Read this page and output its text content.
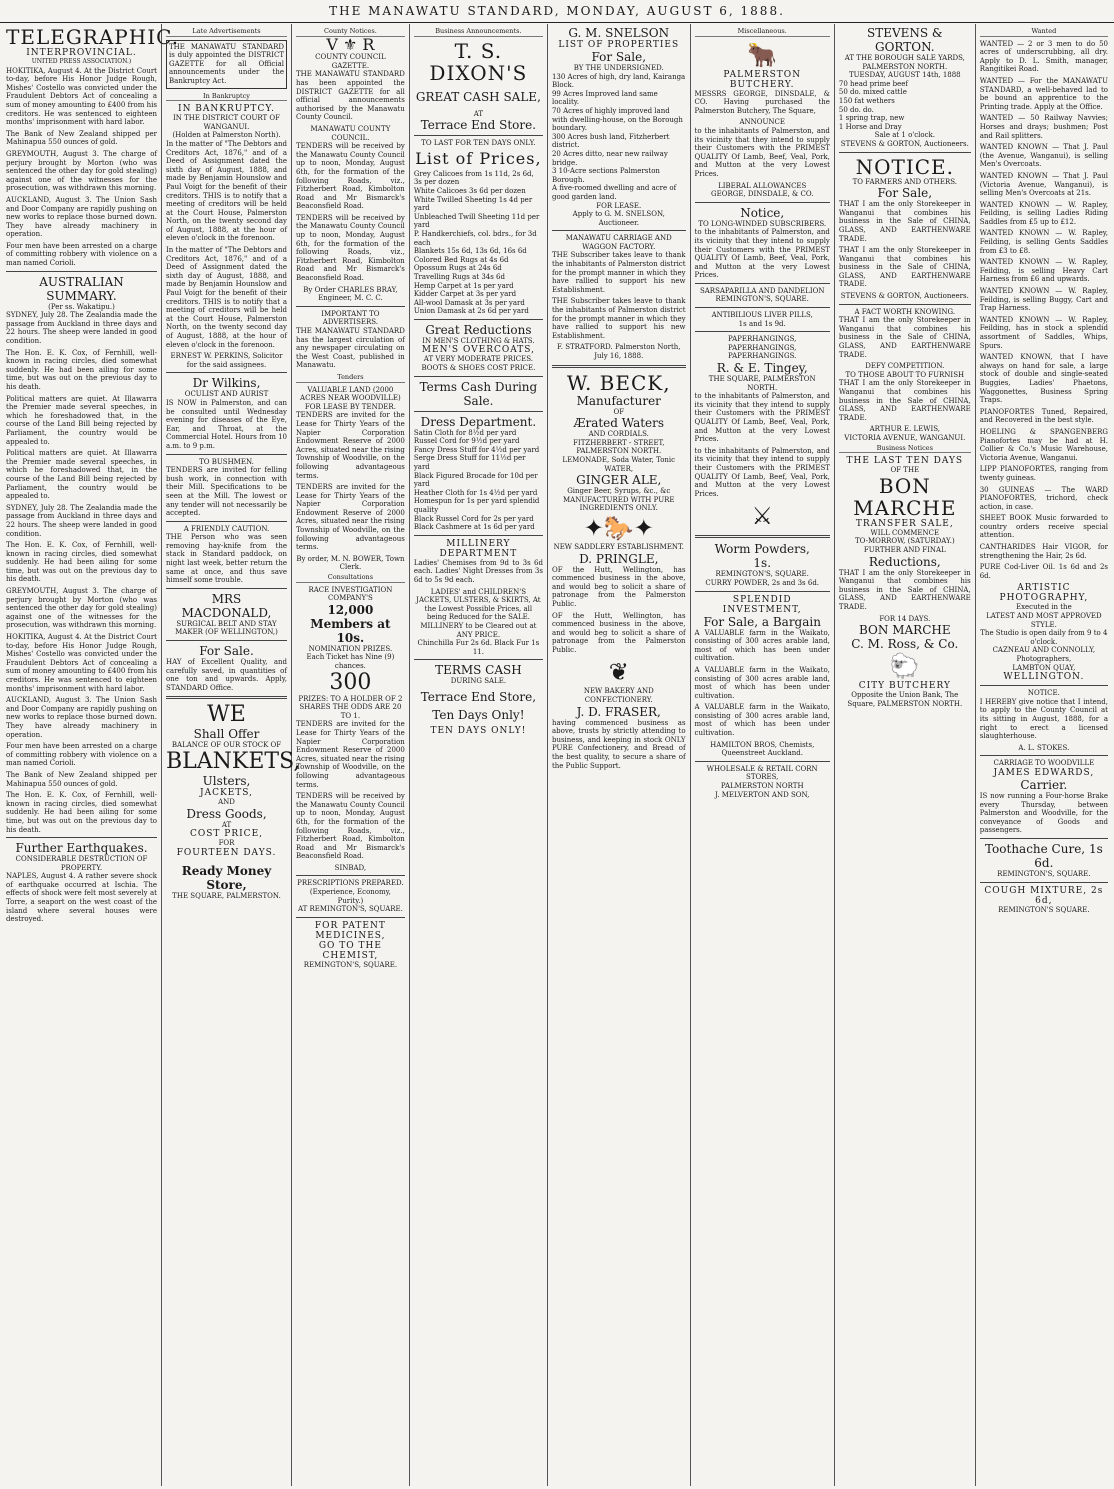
THE MANAWATU STANDARD, MONDAY, AUGUST 6, 1888.
TELEGRAPHIC.
INTERPROVINCIAL.
UNITED PRESS ASSOCIATION.)

HOKITIKA, August 4. At the District Court to-day, before His Honor Judge Rough, Mishes' Costello was convicted under the Fraudulent Debtors Act of concealing a sum of money amounting to £400 from his creditors. He was sentenced to eighteen months' imprisonment with hard labor.

The Bank of New Zealand shipped per Mahinapua 550 ounces of gold.

GREYMOUTH, August 3. The charge of perjury brought by Morton (who was sentenced the other day for gold stealing) against one of the witnesses for the prosecution, was withdrawn this morning.

AUCKLAND, August 3. The Union Sash and Door Company are rapidly pushing on new works to replace those burned down. They have already machinery in operation.

Four men have been arrested on a charge of committing robbery with violence on a man named Corioli.

AUSTRALIAN SUMMARY.
(Per ss. Wakatipu.)

SYDNEY, July 28. The Zealandia made the passage from Auckland in three days and 22 hours. The sheep were landed in good condition.

The Hon. E. K. Cox, of Fernhill, well-known in racing circles, died somewhat suddenly. He had been ailing for some time, but was out on the previous day to his death.

Political matters are quiet. At Illawarra the Premier made several speeches, in which he foreshadowed that, in the course of the Land Bill being rejected by Parliament, the country would be appealed to.

Political matters are quiet. At Illawarra the Premier made several speeches, in which he foreshadowed that, in the course of the Land Bill being rejected by Parliament, the country would be appealed to.

SYDNEY, July 28. The Zealandia made the passage from Auckland in three days and 22 hours. The sheep were landed in good condition.

The Hon. E. K. Cox, of Fernhill, well-known in racing circles, died somewhat suddenly. He had been ailing for some time, but was out on the previous day to his death.

GREYMOUTH, August 3. The charge of perjury brought by Morton (who was sentenced the other day for gold stealing) against one of the witnesses for the prosecution, was withdrawn this morning.

HOKITIKA, August 4. At the District Court to-day, before His Honor Judge Rough, Mishes' Costello was convicted under the Fraudulent Debtors Act of concealing a sum of money amounting to £400 from his creditors. He was sentenced to eighteen months' imprisonment with hard labor.

AUCKLAND, August 3. The Union Sash and Door Company are rapidly pushing on new works to replace those burned down. They have already machinery in operation.

Four men have been arrested on a charge of committing robbery with violence on a man named Corioli.

The Bank of New Zealand shipped per Mahinapua 550 ounces of gold.

The Hon. E. K. Cox, of Fernhill, well-known in racing circles, died somewhat suddenly. He had been ailing for some time, but was out on the previous day to his death.

Further Earthquakes.
CONSIDERABLE DESTRUCTION OF PROPERTY.

NAPLES, August 4. A rather severe shock of earthquake occurred at Ischia. The effects of shock were felt most severely at Torre, a seaport on the west coast of the island where several houses were destroyed.

Late Advertisements

THE MANAWATU STANDARD is duly appointed the DISTRICT GAZETTE for all Official announcements under the Bankruptcy Act.

In Bankruptcy
IN BANKRUPTCY.
IN THE DISTRICT COURT OF WANGANUI.
(Holden at Palmerston North).

In the matter of "The Debtors and Creditors Act, 1876," and of a Deed of Assignment dated the sixth day of August, 1888, and made by Benjamin Hounslow and Paul Voigt for the benefit of their creditors. THIS is to notify that a meeting of creditors will be held at the Court House, Palmerston North, on the twenty second day of August, 1888, at the hour of eleven o'clock in the forenoon.

In the matter of "The Debtors and Creditors Act, 1876," and of a Deed of Assignment dated the sixth day of August, 1888, and made by Benjamin Hounslow and Paul Voigt for the benefit of their creditors. THIS is to notify that a meeting of creditors will be held at the Court House, Palmerston North, on the twenty second day of August, 1888, at the hour of eleven o'clock in the forenoon.

ERNEST W. PERKINS, Solicitor for the said assignees.
Dr Wilkins,
OCULIST AND AURIST

IS NOW in Palmerston, and can be consulted until Wednesday evening for diseases of the Eye, Ear, and Throat, at the Commercial Hotel. Hours from 10 a.m. to 9 p.m.

TO BUSHMEN.

TENDERS are invited for felling bush work, in connection with their Mill. Specifications to be seen at the Mill. The lowest or any tender will not necessarily be accepted.

A FRIENDLY CAUTION.

THE Person who was seen removing hay-knife from the stack in Standard paddock, on night last week, better return the same at once, and thus save himself some trouble.

MRS MACDONALD,
SURGICAL BELT AND STAY MAKER (OF WELLINGTON,)
For Sale.

HAY of Excellent Quality, and carefully saved, in quantities of one ton and upwards. Apply, STANDARD Office.

WE
Shall Offer
BALANCE OF OUR STOCK OF
BLANKETS,
Ulsters,
JACKETS,
AND
Dress Goods,
AT
COST PRICE,
FOR
FOURTEEN DAYS.
Ready Money Store,
THE SQUARE, PALMERSTON.
County Notices.
V ⚜ R
COUNTY COUNCIL GAZETTE.

THE MANAWATU STANDARD has been appointed the DISTRICT GAZETTE for all official announcements authorised by the Manawatu County Council.

MANAWATU COUNTY COUNCIL.

TENDERS will be received by the Manawatu County Council up to noon, Monday, August 6th, for the formation of the following Roads, viz., Fitzherbert Road, Kimbolton Road and Mr Bismarck's Beaconsfield Road.

TENDERS will be received by the Manawatu County Council up to noon, Monday, August 6th, for the formation of the following Roads, viz., Fitzherbert Road, Kimbolton Road and Mr Bismarck's Beaconsfield Road.

By Order CHARLES BRAY, Engineer, M. C. C.
IMPORTANT TO ADVERTISERS.

THE MANAWATU STANDARD has the largest circulation of any newspaper circulating on the West Coast, published in Manawatu.

Tenders
VALUABLE LAND (2000 ACRES NEAR WOODVILLE) FOR LEASE BY TENDER.

TENDERS are invited for the Lease for Thirty Years of the Napier Corporation Endowment Reserve of 2000 Acres, situated near the rising Township of Woodville, on the following advantageous terms.

TENDERS are invited for the Lease for Thirty Years of the Napier Corporation Endowment Reserve of 2000 Acres, situated near the rising Township of Woodville, on the following advantageous terms.

By order, M. N. BOWER, Town Clerk.
Consultations
RACE INVESTIGATION COMPANY'S
12,000 Members at 10s.
NOMINATION PRIZES.
Each Ticket has Nine (9) chances.
300
PRIZES: TO A HOLDER OF 2 SHARES THE ODDS ARE 20 TO 1.

TENDERS are invited for the Lease for Thirty Years of the Napier Corporation Endowment Reserve of 2000 Acres, situated near the rising Township of Woodville, on the following advantageous terms.

TENDERS will be received by the Manawatu County Council up to noon, Monday, August 6th, for the formation of the following Roads, viz., Fitzherbert Road, Kimbolton Road and Mr Bismarck's Beaconsfield Road.

SINBAD,
PRESCRIPTIONS PREPARED. (Experience, Economy, Purity.)
AT REMINGTON'S, SQUARE.
FOR PATENT MEDICINES,
GO TO THE CHEMIST,
REMINGTON'S, SQUARE.
Business Announcements.
T. S. DIXON'S
GREAT CASH SALE,
AT
Terrace End Store.
TO LAST FOR TEN DAYS ONLY.
List of Prices,
Grey Calicoes from 1s 11d, 2s 6d, 3s per dozen
White Calicoes 3s 6d per dozen
White Twilled Sheeting 1s 4d per yard
Unbleached Twill Sheeting 11d per yard
P. Handkerchiefs, col. bdrs., for 3d each
Blankets 15s 6d, 13s 6d, 16s 6d
Colored Bed Rugs at 4s 6d
Opossum Rugs at 24s 6d
Travelling Rugs at 34s 6d
Hemp Carpet at 1s per yard
Kidder Carpet at 3s per yard
All-wool Damask at 3s per yard
Union Damask at 2s 6d per yard
Great Reductions
IN MEN'S CLOTHING & HATS.
MEN'S OVERCOATS,
AT VERY MODERATE PRICES.
BOOTS & SHOES COST PRICE.
Terms Cash During Sale.
Dress Department.
Satin Cloth for 8½d per yard
Russel Cord for 9½d per yard
Fancy Dress Stuff for 4½d per yard
Serge Dress Stuff for 11½d per yard
Black Figured Brocade for 10d per yard
Heather Cloth for 1s 4½d per yard
Homespun for 1s per yard splendid quality
Black Russel Cord for 2s per yard
Black Cashmere at 1s 6d per yard
MILLINERY DEPARTMENT

Ladies' Chemises from 9d to 3s 6d each. Ladies' Night Dresses from 3s 6d to 5s 9d each.

LADIES' and CHILDREN'S JACKETS, ULSTERS, & SKIRTS, At the Lowest Possible Prices, all being Reduced for the SALE.
MILLINERY to be Cleared out at ANY PRICE.
Chinchilla Fur 2s 6d. Black Fur 1s 11.
TERMS CASH
DURING SALE.
Terrace End Store,
Ten Days Only!
TEN DAYS ONLY!
G. M. SNELSON
LIST OF PROPERTIES
For Sale,
BY THE UNDERSIGNED.
130 Acres of high, dry land, Kairanga Block.
99 Acres Improved land same locality.
70 Acres of highly improved land with dwelling-house, on the Borough boundary.
300 Acres bush land, Fitzherbert district.
20 Acres ditto, near new railway bridge.
3 10-Acre sections Palmerston Borough.
A five-roomed dwelling and acre of good garden land.
FOR LEASE.
Apply to G. M. SNELSON, Auctioneer.
MANAWATU CARRIAGE AND WAGGON FACTORY.

THE Subscriber takes leave to thank the inhabitants of Palmerston district for the prompt manner in which they have rallied to support his new Establishment.

THE Subscriber takes leave to thank the inhabitants of Palmerston district for the prompt manner in which they have rallied to support his new Establishment.

F. STRATFORD. Palmerston North, July 16, 1888.
W. BECK,
Manufacturer
OF
Ærated Waters
AND CORDIALS.
FITZHERBERT - STREET,
PALMERSTON NORTH.
LEMONADE, Soda Water, Tonic WATER,
GINGER ALE,
Ginger Beer, Syrups, &c., &c
MANUFACTURED WITH PURE INGREDIENTS ONLY.
✦🐎✦
NEW SADDLERY ESTABLISHMENT.
D. PRINGLE,

OF the Hutt, Wellington, has commenced business in the above, and would beg to solicit a share of patronage from the Palmerston Public.

OF the Hutt, Wellington, has commenced business in the above, and would beg to solicit a share of patronage from the Palmerston Public.

❦
NEW BAKERY AND CONFECTIONERY.
J. D. FRASER,

having commenced business as above, trusts by strictly attending to business, and keeping in stock ONLY PURE Confectionery, and Bread of the best quality, to secure a share of the Public Support.

Miscellaneous.
🐂
PALMERSTON BUTCHERY.

MESSRS GEORGE, DINSDALE, & CO. Having purchased the Palmerston Butchery, The Square,

ANNOUNCE

to the inhabitants of Palmerston, and its vicinity that they intend to supply their Customers with the PRIMEST QUALITY Of Lamb, Beef, Veal, Pork, and Mutton at the very Lowest Prices.

LIBERAL ALLOWANCES
GEORGE, DINSDALE, & CO.
Notice,
TO LONG-WINDED SUBSCRIBERS.

to the inhabitants of Palmerston, and its vicinity that they intend to supply their Customers with the PRIMEST QUALITY Of Lamb, Beef, Veal, Pork, and Mutton at the very Lowest Prices.

SARSAPARILLA AND DANDELION
REMINGTON'S, SQUARE.
ANTIBILIOUS LIVER PILLS,
1s and 1s 9d.
PAPERHANGINGS, PAPERHANGINGS, PAPERHANGINGS.
R. & E. Tingey,
THE SQUARE, PALMERSTON NORTH.

to the inhabitants of Palmerston, and its vicinity that they intend to supply their Customers with the PRIMEST QUALITY Of Lamb, Beef, Veal, Pork, and Mutton at the very Lowest Prices.

to the inhabitants of Palmerston, and its vicinity that they intend to supply their Customers with the PRIMEST QUALITY Of Lamb, Beef, Veal, Pork, and Mutton at the very Lowest Prices.

⚔
Worm Powders,
1s.
REMINGTON'S, SQUARE.
CURRY POWDER, 2s and 3s 6d.
SPLENDID INVESTMENT,
For Sale, a Bargain

A VALUABLE farm in the Waikato, consisting of 300 acres arable land, most of which has been under cultivation.

A VALUABLE farm in the Waikato, consisting of 300 acres arable land, most of which has been under cultivation.

A VALUABLE farm in the Waikato, consisting of 300 acres arable land, most of which has been under cultivation.

HAMILTON BROS, Chemists, Queenstreet Auckland.
WHOLESALE & RETAIL CORN STORES,
PALMERSTON NORTH
J. MELVERTON AND SON,
STEVENS & GORTON.
AT THE BOROUGH SALE YARDS, PALMERSTON NORTH.
TUESDAY, AUGUST 14th, 1888
70 head prime beef
50 do. mixed cattle
150 fat wethers
50 do. do.
1 spring trap, new
1 Horse and Dray
Sale at 1 o'clock.
STEVENS & GORTON, Auctioneers.
NOTICE.
TO FARMERS AND OTHERS.
For Sale,

THAT I am the only Storekeeper in Wanganui that combines his business in the Sale of CHINA, GLASS, AND EARTHENWARE TRADE.

THAT I am the only Storekeeper in Wanganui that combines his business in the Sale of CHINA, GLASS, AND EARTHENWARE TRADE.

STEVENS & GORTON, Auctioneers.
A FACT WORTH KNOWING.

THAT I am the only Storekeeper in Wanganui that combines his business in the Sale of CHINA, GLASS, AND EARTHENWARE TRADE.

DEFY COMPETITION.
TO THOSE ABOUT TO FURNISH

THAT I am the only Storekeeper in Wanganui that combines his business in the Sale of CHINA, GLASS, AND EARTHENWARE TRADE.

ARTHUR E. LEWIS,
VICTORIA AVENUE, WANGANUI.
Business Notices
THE LAST TEN DAYS
OF THE
BON MARCHE
TRANSFER SALE,
WILL COMMENCE
TO-MORROW, (SATURDAY.)
FURTHER AND FINAL
Reductions,

THAT I am the only Storekeeper in Wanganui that combines his business in the Sale of CHINA, GLASS, AND EARTHENWARE TRADE.

FOR 14 DAYS.
BON MARCHE
C. M. Ross, & Co.
🐑
CITY BUTCHERY
Opposite the Union Bank, The Square, PALMERSTON NORTH.
Wanted

WANTED — 2 or 3 men to do 50 acres of underscrubbing, all dry. Apply to D. L. Smith, manager, Rangitikei Road.

WANTED — For the MANAWATU STANDARD, a well-behaved lad to be bound an apprentice to the Printing trade. Apply at the Office.

WANTED — 50 Railway Navvies; Horses and drays; bushmen; Post and Rail splitters.

WANTED KNOWN — That J. Paul (the Avenue, Wanganui), is selling Men's Overcoats.

WANTED KNOWN — That J. Paul (Victoria Avenue, Wanganui), is selling Men's Overcoats at 21s.

WANTED KNOWN — W. Rapley, Feilding, is selling Ladies Riding Saddles from £5 up to £12.

WANTED KNOWN — W. Rapley, Feilding, is selling Gents Saddles from £3 to £8.

WANTED KNOWN — W. Rapley, Feilding, is selling Heavy Cart Harness from £6 and upwards.

WANTED KNOWN — W. Rapley, Feilding, is selling Buggy, Cart and Trap Harness.

WANTED KNOWN — W. Rapley, Feilding, has in stock a splendid assortment of Saddles, Whips, Spurs.

WANTED KNOWN, that I have always on hand for sale, a large stock of double and single-seated Buggies, Ladies' Phaetons, Waggonettes, Business Spring Traps.

PIANOFORTES Tuned, Repaired, and Recovered in the best style.

HOELING & SPANGENBERG Pianofortes may be had at H. Collier & Co.'s Music Warehouse, Victoria Avenue, Wanganui.

LIPP PIANOFORTES, ranging from twenty guineas.

30 GUINEAS — The WARD PIANOFORTES, trichord, check action, in case.

SHEET BOOK Music forwarded to country orders receive special attention.

CANTHARIDES Hair VIGOR, for strengthening the Hair, 2s 6d.

PURE Cod-Liver Oil. 1s 6d and 2s 6d.

ARTISTIC PHOTOGRAPHY,
Executed in the
LATEST AND MOST APPROVED STYLE.
The Studio is open daily from 9 to 4 o'clock.
CAZNEAU AND CONNOLLY,
Photographers,
LAMBTON QUAY,
WELLINGTON.
NOTICE.

I HEREBY give notice that I intend, to apply to the County Council at its sitting in August, 1888, for a right to erect a licensed slaughterhouse.

A. L. STOKES.
CARRIAGE TO WOODVILLE
JAMES EDWARDS,
Carrier.

IS now running a Four-horse Brake every Thursday, between Palmerston and Woodville, for the conveyance of Goods and passengers.

Toothache Cure, 1s 6d.
REMINGTON'S, SQUARE.
COUGH MIXTURE, 2s 6d,
REMINGTON'S SQUARE.
